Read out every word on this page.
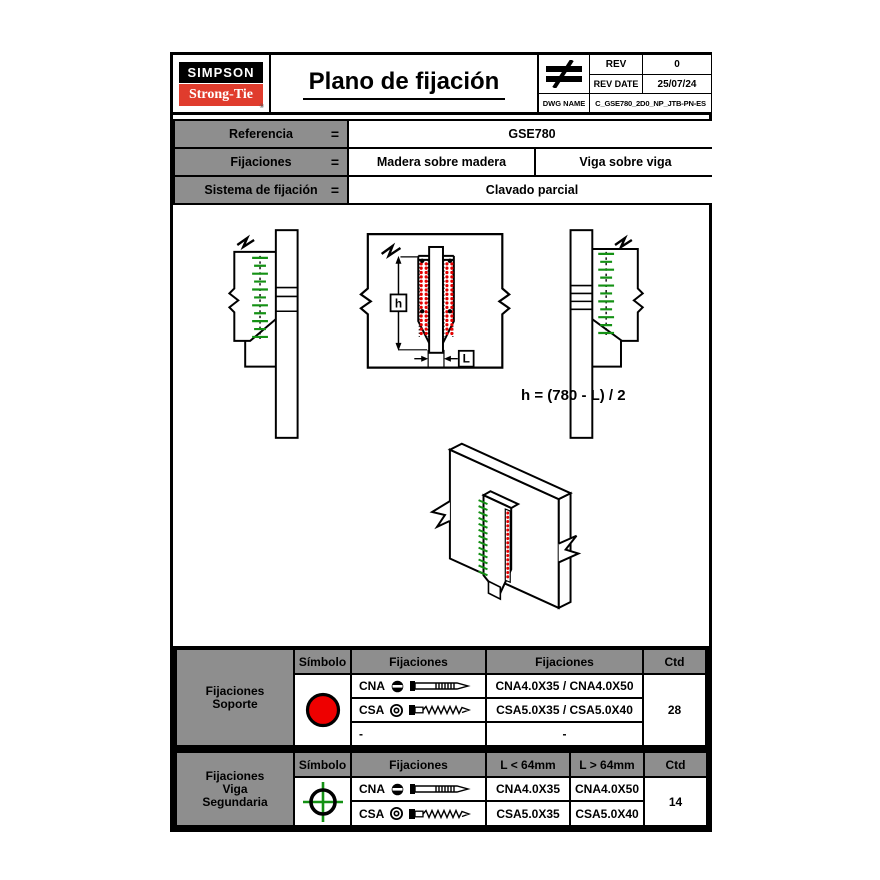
SIMPSON
Strong-Tie
®
Plano de fijación
REV	0
REV DATE	25/07/24
DWG NAME	C_GSE780_2D0_NP_JTB-PN-ES
Referencia	=	GSE780
Fijaciones	=	Madera sobre madera	Viga sobre viga
Sistema de fijación =	Clavado parcial
h
L
h = (780 - L) / 2
Fijaciones
Soporte
Símbolo	Fijaciones	Fijaciones	Ctd
CNA	CNA4.0X35 / CNA4.0X50
CSA	CSA5.0X35 / CSA5.0X40
-	-
28
Fijaciones
Viga
Segundaria
Símbolo	Fijaciones	L < 64mm	L > 64mm	Ctd
CNA	CNA4.0X35	CNA4.0X50
CSA	CSA5.0X35	CSA5.0X40
14
